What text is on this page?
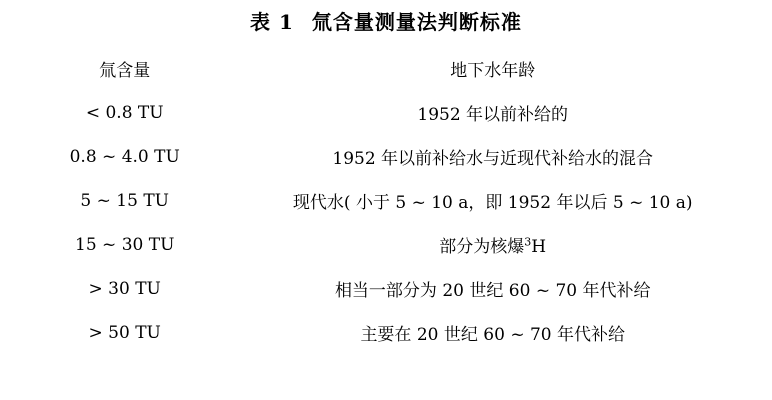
表 1 氚含量测量法判断标准
氚含量	地下水年龄
< 0.8 TU	1952 年以前补给的
0.8 ~ 4.0 TU	1952 年以前补给水与近现代补给水的混合
5 ~ 15 TU	现代水( 小于 5 ~ 10 a，即 1952 年以后 5 ~ 10 a)
15 ~ 30 TU	部分为核爆$^3$H
> 30 TU	相当一部分为 20 世纪 60 ~ 70 年代补给
> 50 TU	主要在 20 世纪 60 ~ 70 年代补给
